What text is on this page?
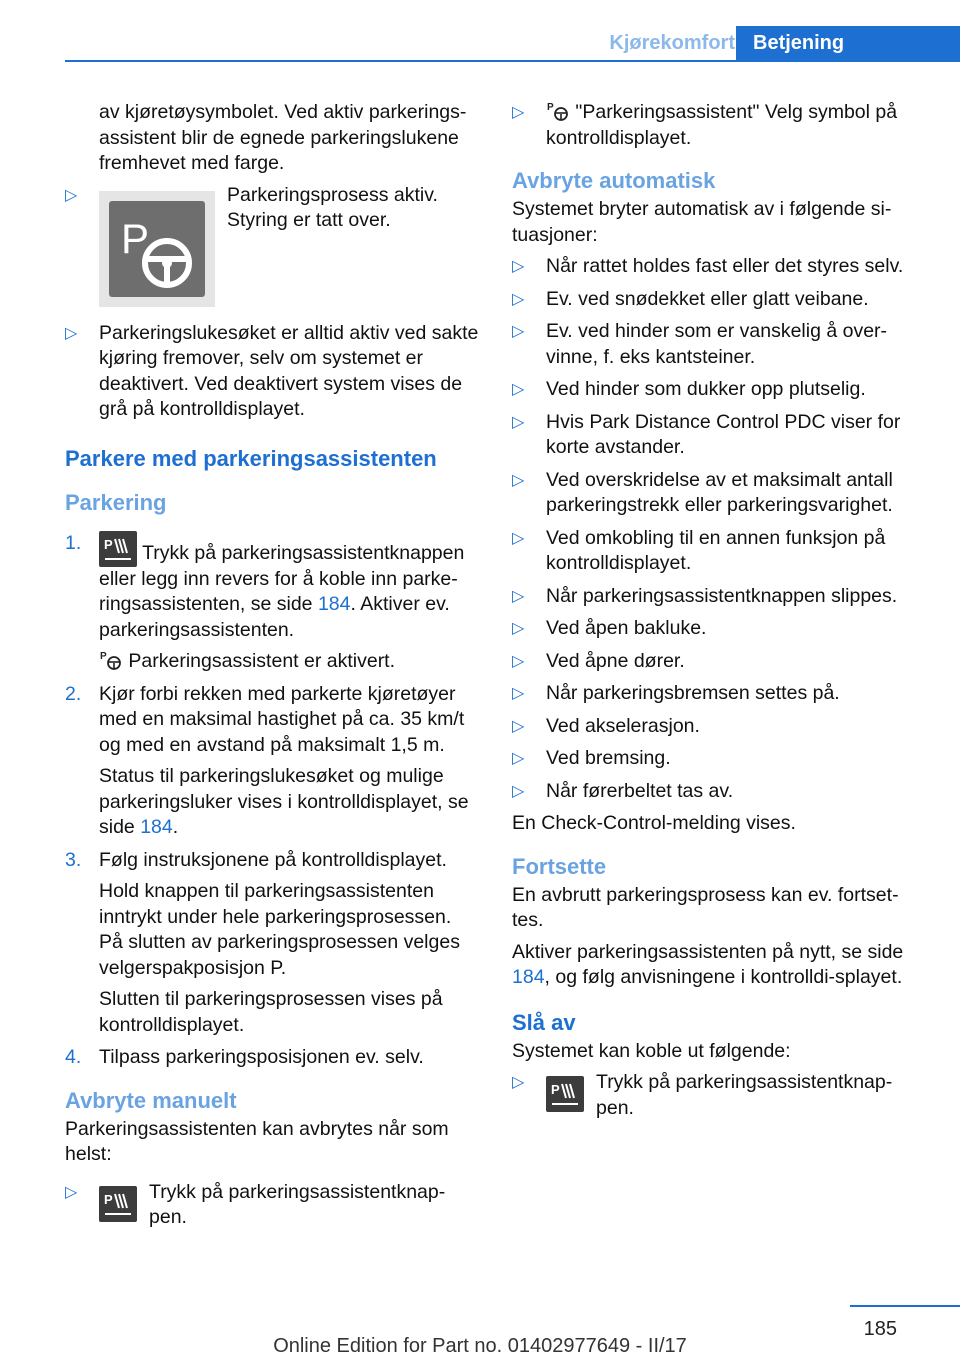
Kjørekomfort Betjening

av kjøretøysymbolet. Ved aktiv parkerings-assistent blir de egnede parkeringslukene fremhevet med farge.

▷
P
Parkeringsprosess aktiv. Styring er tatt over.
▷ Parkeringslukesøket er alltid aktiv ved sakte kjøring fremover, selv om systemet er deaktivert. Ved deaktivert system vises de grå på kontrolldisplayet.
Parkere med parkeringsassistenten
Parkering
1. P Trykk på parkeringsassistentknappen eller legg inn revers for å koble inn parke-ringsassistenten, se side 184. Aktiver ev. parkeringsassistenten.

P Parkeringsassistent er aktivert.

2. Kjør forbi rekken med parkerte kjøretøyer med en maksimal hastighet på ca. 35 km/t og med en avstand på maksimalt 1,5 m.

Status til parkeringslukesøket og mulige parkeringsluker vises i kontrolldisplayet, se side 184.

3. Følg instruksjonene på kontrolldisplayet.

Hold knappen til parkeringsassistenten inntrykt under hele parkeringsprosessen. På slutten av parkeringsprosessen velges velgerspakposisjon P.

Slutten til parkeringsprosessen vises på kontrolldisplayet.

4. Tilpass parkeringsposisjonen ev. selv.

Avbryte manuelt

Parkeringsassistenten kan avbrytes når som helst:

▷ P	Trykk på parkeringsassistentknap-pen.
▷ P "Parkeringsassistent" Velg symbol på kontrolldisplayet.
Avbryte automatisk

Systemet bryter automatisk av i følgende si-tuasjoner:

▷ Når rattet holdes fast eller det styres selv.
▷ Ev. ved snødekket eller glatt veibane.
▷ Ev. ved hinder som er vanskelig å over-vinne, f. eks kantsteiner.
▷ Ved hinder som dukker opp plutselig.
▷ Hvis Park Distance Control PDC viser for korte avstander.
▷ Ved overskridelse av et maksimalt antall parkeringstrekk eller parkeringsvarighet.
▷ Ved omkobling til en annen funksjon på kontrolldisplayet.
▷ Når parkeringsassistentknappen slippes.
▷ Ved åpen bakluke.
▷ Ved åpne dører.
▷ Når parkeringsbremsen settes på.
▷ Ved akselerasjon.
▷ Ved bremsing.
▷ Når førerbeltet tas av.

En Check-Control-melding vises.

Fortsette

En avbrutt parkeringsprosess kan ev. fortset-tes.

Aktiver parkeringsassistenten på nytt, se side 184, og følg anvisningene i kontrolldi-splayet.

Slå av

Systemet kan koble ut følgende:

▷ P	Trykk på parkeringsassistentknap-pen.
185
Online Edition for Part no. 01402977649 - II/17
